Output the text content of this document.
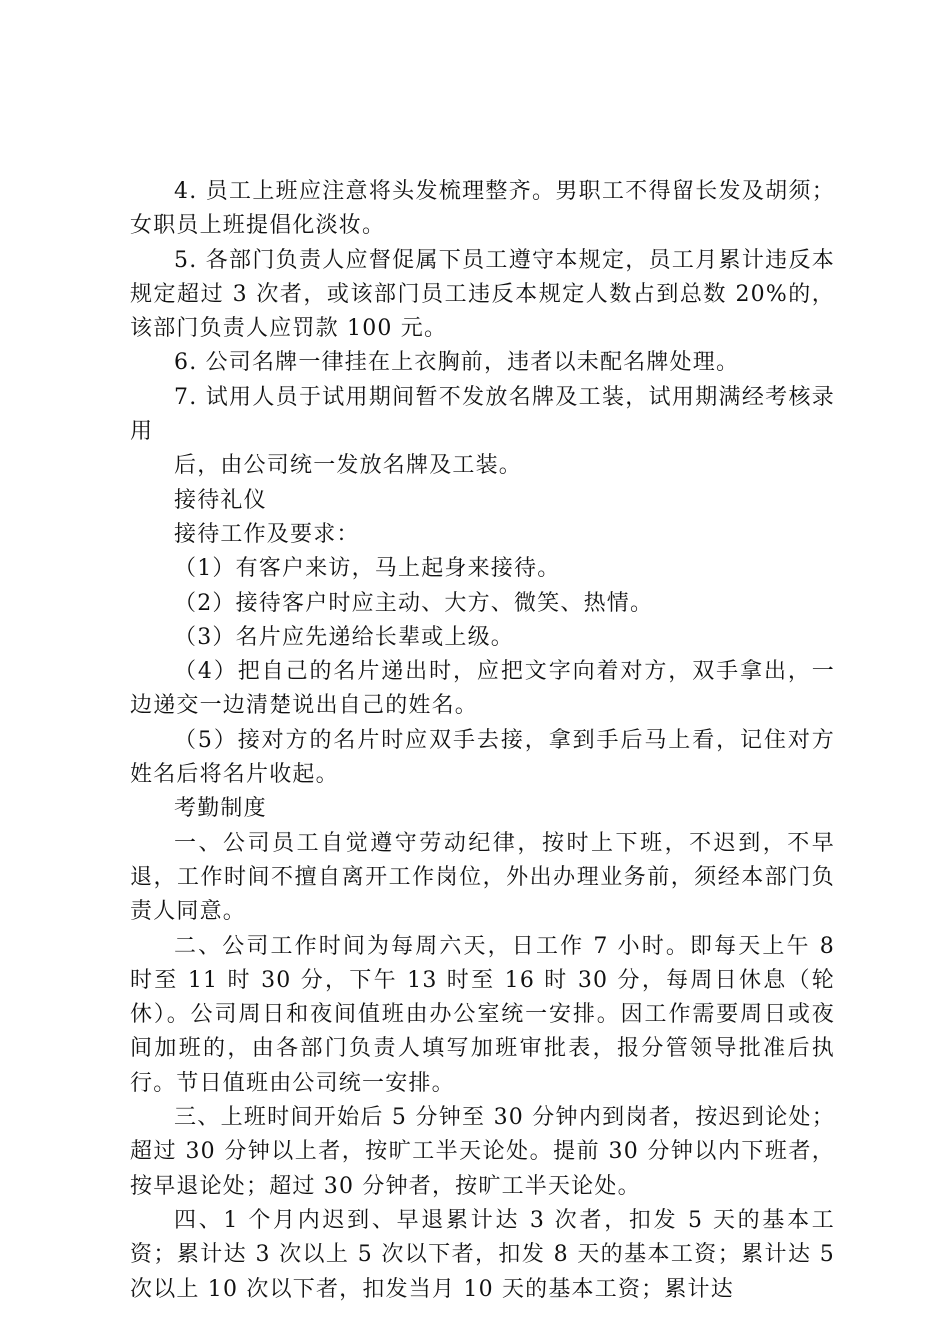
4. 员工上班应注意将头发梳理整齐。男职工不得留长发及胡须；女职员上班提倡化淡妆。

5. 各部门负责人应督促属下员工遵守本规定，员工月累计违反本规定超过 3 次者，或该部门员工违反本规定人数占到总数 20%的，该部门负责人应罚款 100 元。

6. 公司名牌一律挂在上衣胸前，违者以未配名牌处理。

7. 试用人员于试用期间暂不发放名牌及工装，试用期满经考核录用

后，由公司统一发放名牌及工装。

接待礼仪

接待工作及要求：

（1）有客户来访，马上起身来接待。

（2）接待客户时应主动、大方、微笑、热情。

（3）名片应先递给长辈或上级。

（4）把自己的名片递出时，应把文字向着对方，双手拿出，一边递交一边清楚说出自己的姓名。

（5）接对方的名片时应双手去接，拿到手后马上看，记住对方姓名后将名片收起。

考勤制度

一、公司员工自觉遵守劳动纪律，按时上下班，不迟到，不早退，工作时间不擅自离开工作岗位，外出办理业务前，须经本部门负责人同意。

二、公司工作时间为每周六天，日工作 7 小时。即每天上午 8 时至 11 时 30 分，下午 13 时至 16 时 30 分，每周日休息（轮休）。公司周日和夜间值班由办公室统一安排。因工作需要周日或夜间加班的，由各部门负责人填写加班审批表，报分管领导批准后执行。节日值班由公司统一安排。

三、上班时间开始后 5 分钟至 30 分钟内到岗者，按迟到论处；超过 30 分钟以上者，按旷工半天论处。提前 30 分钟以内下班者，按早退论处；超过 30 分钟者，按旷工半天论处。

四、1 个月内迟到、早退累计达 3 次者，扣发 5 天的基本工资；累计达 3 次以上 5 次以下者，扣发 8 天的基本工资；累计达 5 次以上 10 次以下者，扣发当月 10 天的基本工资；累计达
